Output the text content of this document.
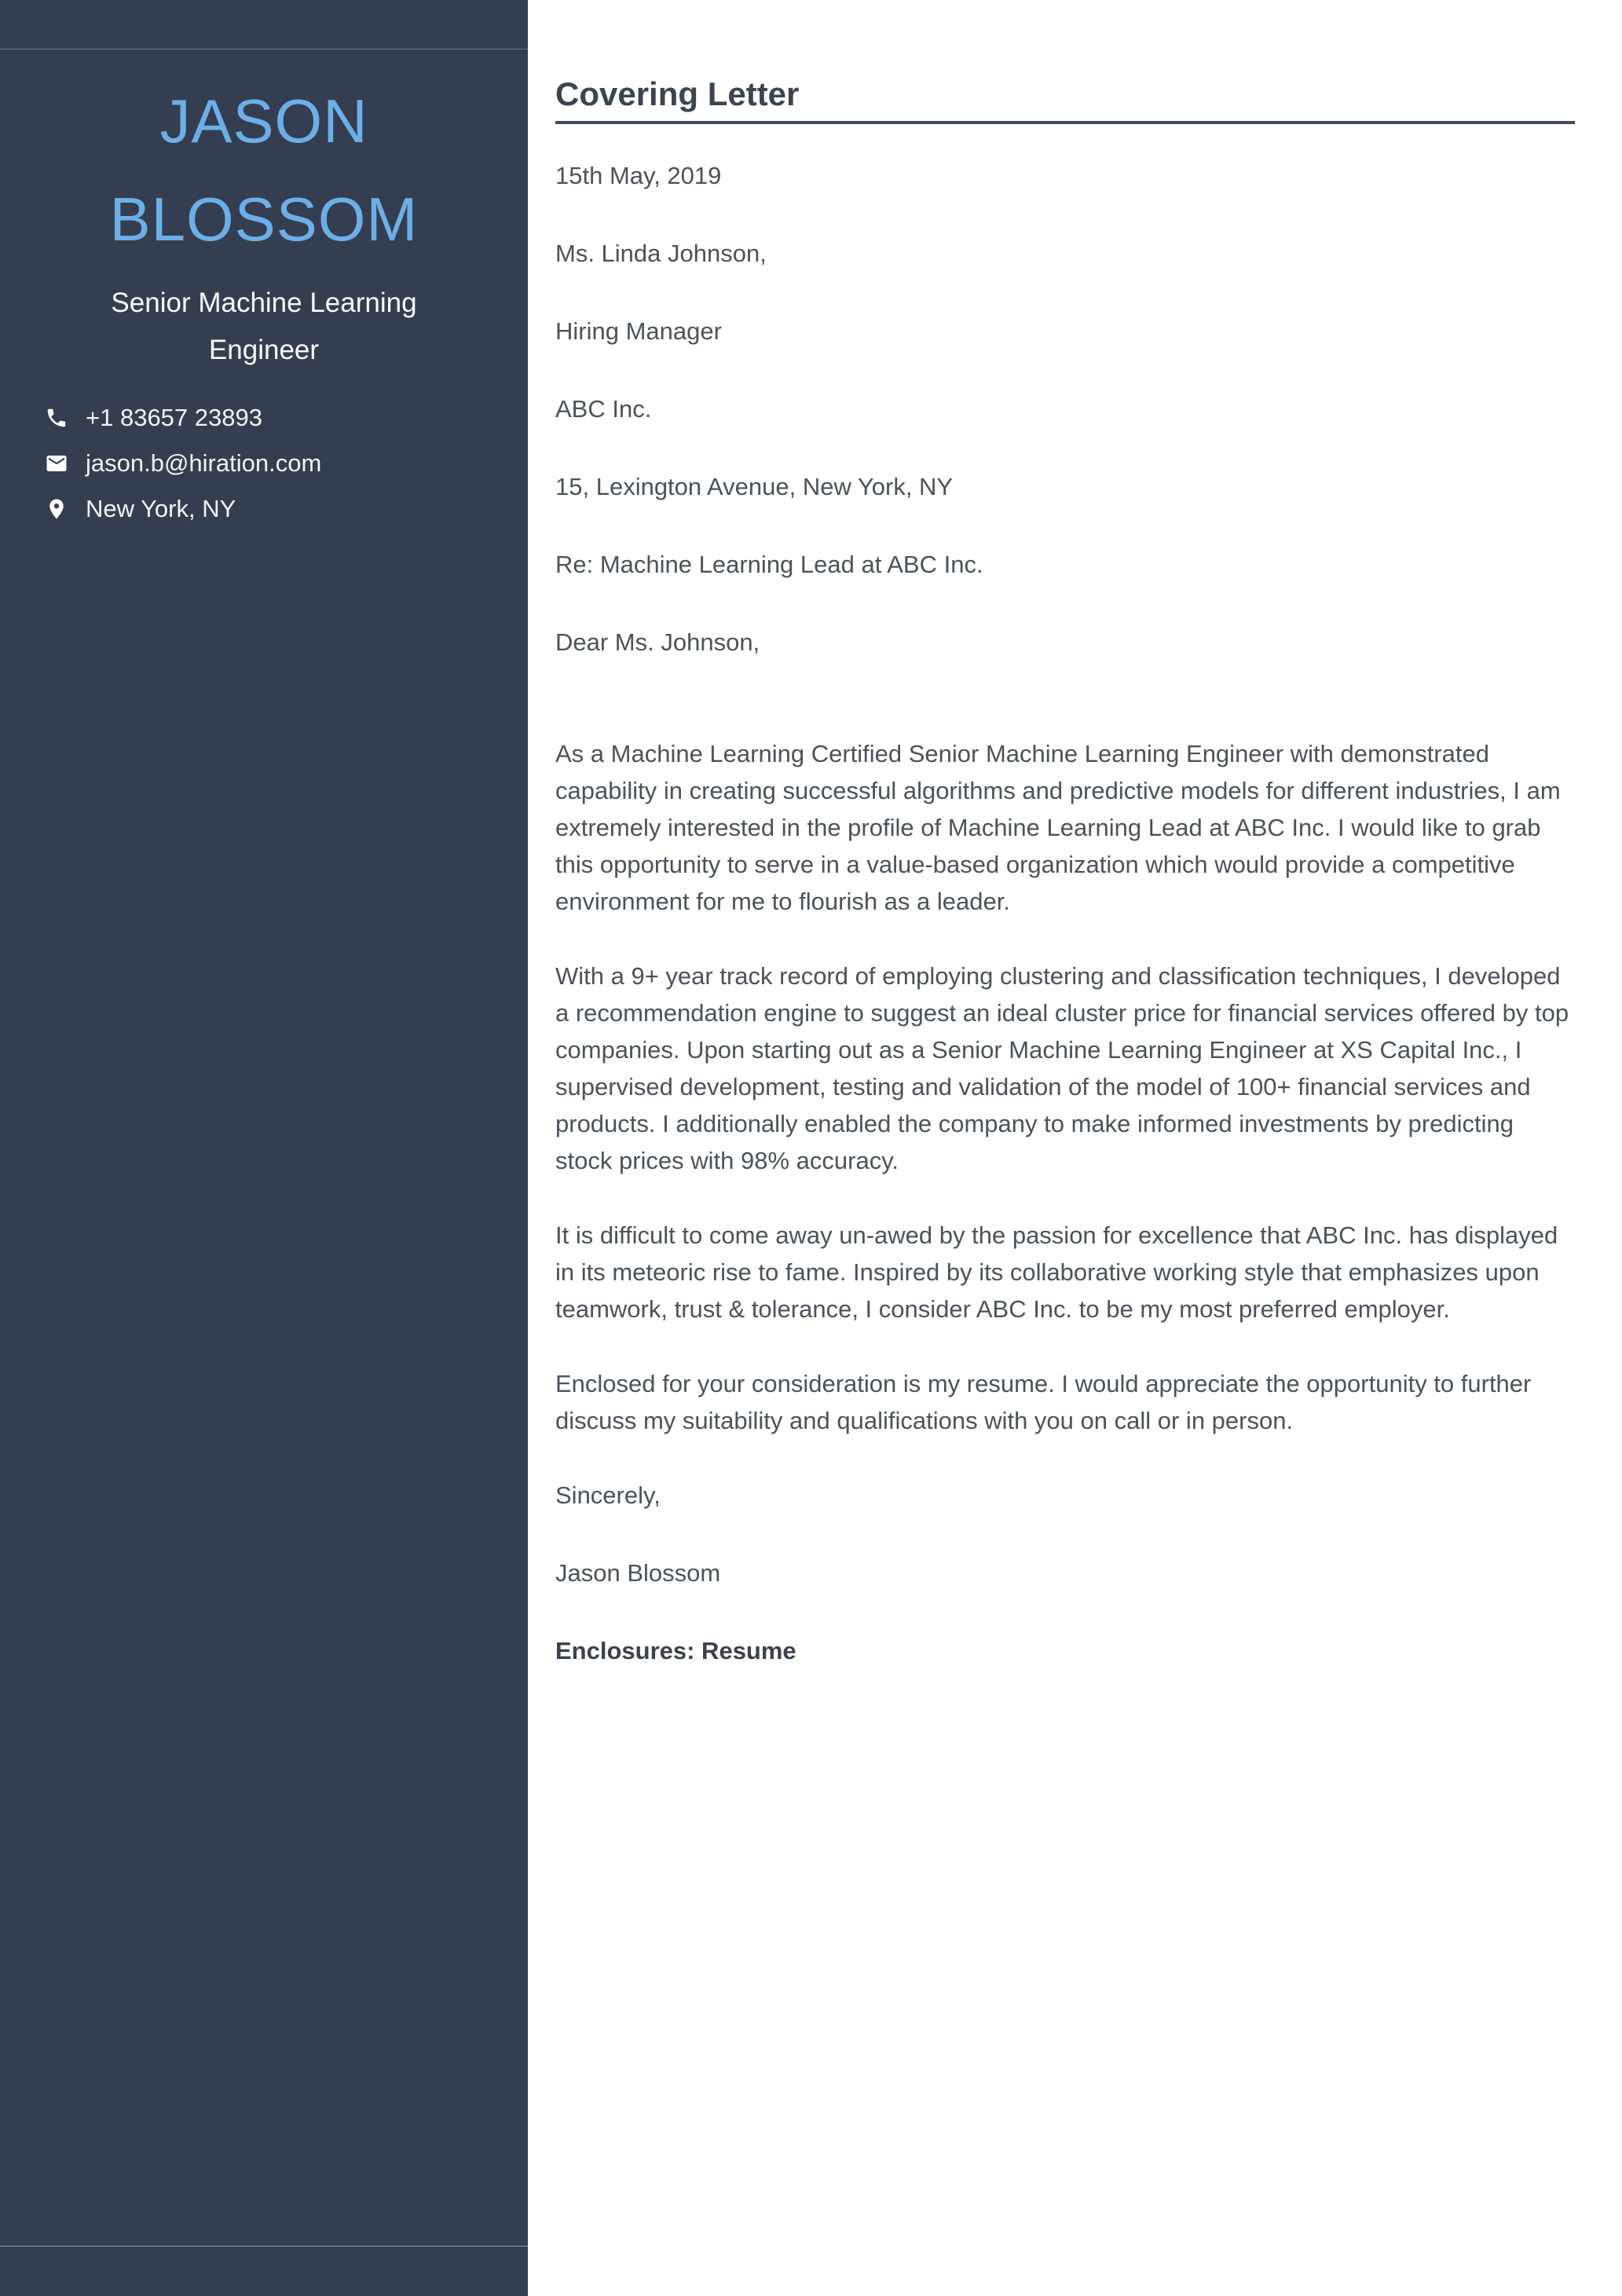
JASON BLOSSOM
Senior Machine Learning Engineer
+1 83657 23893
jason.b@hiration.com
New York, NY
Covering Letter

15th May, 2019

Ms. Linda Johnson,

Hiring Manager

ABC Inc.

15, Lexington Avenue, New York, NY

Re: Machine Learning Lead at ABC Inc.

Dear Ms. Johnson,

As a Machine Learning Certified Senior Machine Learning Engineer with demonstrated capability in creating successful algorithms and predictive models for different industries, I am extremely interested in the profile of Machine Learning Lead at ABC Inc. I would like to grab this opportunity to serve in a value-based organization which would provide a competitive environment for me to flourish as a leader.

With a 9+ year track record of employing clustering and classification techniques, I developed a recommendation engine to suggest an ideal cluster price for financial services offered by top companies. Upon starting out as a Senior Machine Learning Engineer at XS Capital Inc., I supervised development, testing and validation of the model of 100+ financial services and products. I additionally enabled the company to make informed investments by predicting stock prices with 98% accuracy.

It is difficult to come away un-awed by the passion for excellence that ABC Inc. has displayed in its meteoric rise to fame. Inspired by its collaborative working style that emphasizes upon teamwork, trust & tolerance, I consider ABC Inc. to be my most preferred employer.

Enclosed for your consideration is my resume. I would appreciate the opportunity to further discuss my suitability and qualifications with you on call or in person.

Sincerely,

Jason Blossom

Enclosures: Resume
